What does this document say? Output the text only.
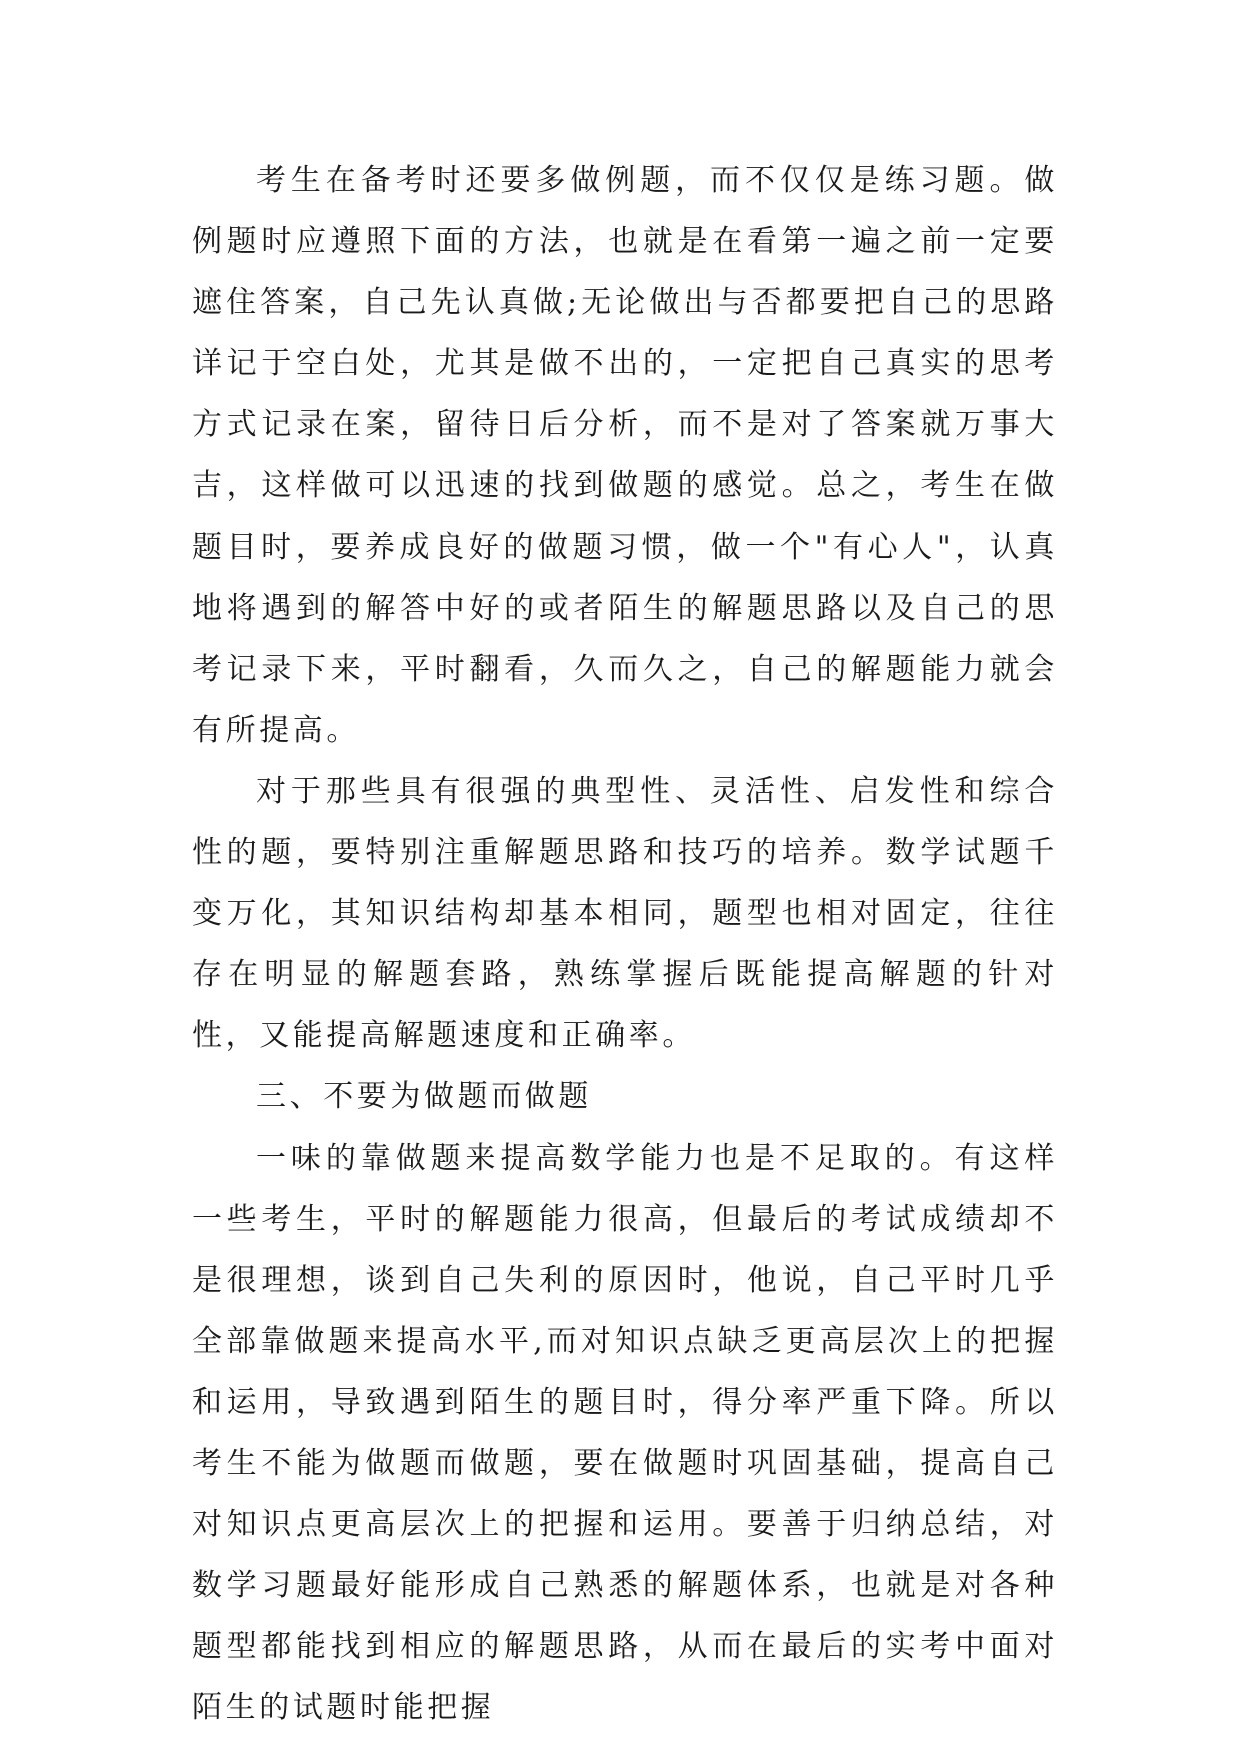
考生在备考时还要多做例题，而不仅仅是练习题。做例题时应遵照下面的方法，也就是在看第一遍之前一定要遮住答案，自己先认真做;无论做出与否都要把自己的思路详记于空白处，尤其是做不出的，一定把自己真实的思考方式记录在案，留待日后分析，而不是对了答案就万事大吉，这样做可以迅速的找到做题的感觉。总之，考生在做题目时，要养成良好的做题习惯，做一个"有心人"，认真地将遇到的解答中好的或者陌生的解题思路以及自己的思考记录下来，平时翻看，久而久之，自己的解题能力就会有所提高。

对于那些具有很强的典型性、灵活性、启发性和综合性的题，要特别注重解题思路和技巧的培养。数学试题千变万化，其知识结构却基本相同，题型也相对固定，往往存在明显的解题套路，熟练掌握后既能提高解题的针对性，又能提高解题速度和正确率。

三、不要为做题而做题

一味的靠做题来提高数学能力也是不足取的。有这样一些考生，平时的解题能力很高，但最后的考试成绩却不是很理想，谈到自己失利的原因时，他说，自己平时几乎全部靠做题来提高水平,而对知识点缺乏更高层次上的把握和运用，导致遇到陌生的题目时，得分率严重下降。所以考生不能为做题而做题，要在做题时巩固基础，提高自己对知识点更高层次上的把握和运用。要善于归纳总结，对数学习题最好能形成自己熟悉的解题体系，也就是对各种题型都能找到相应的解题思路，从而在最后的实考中面对陌生的试题时能把握
